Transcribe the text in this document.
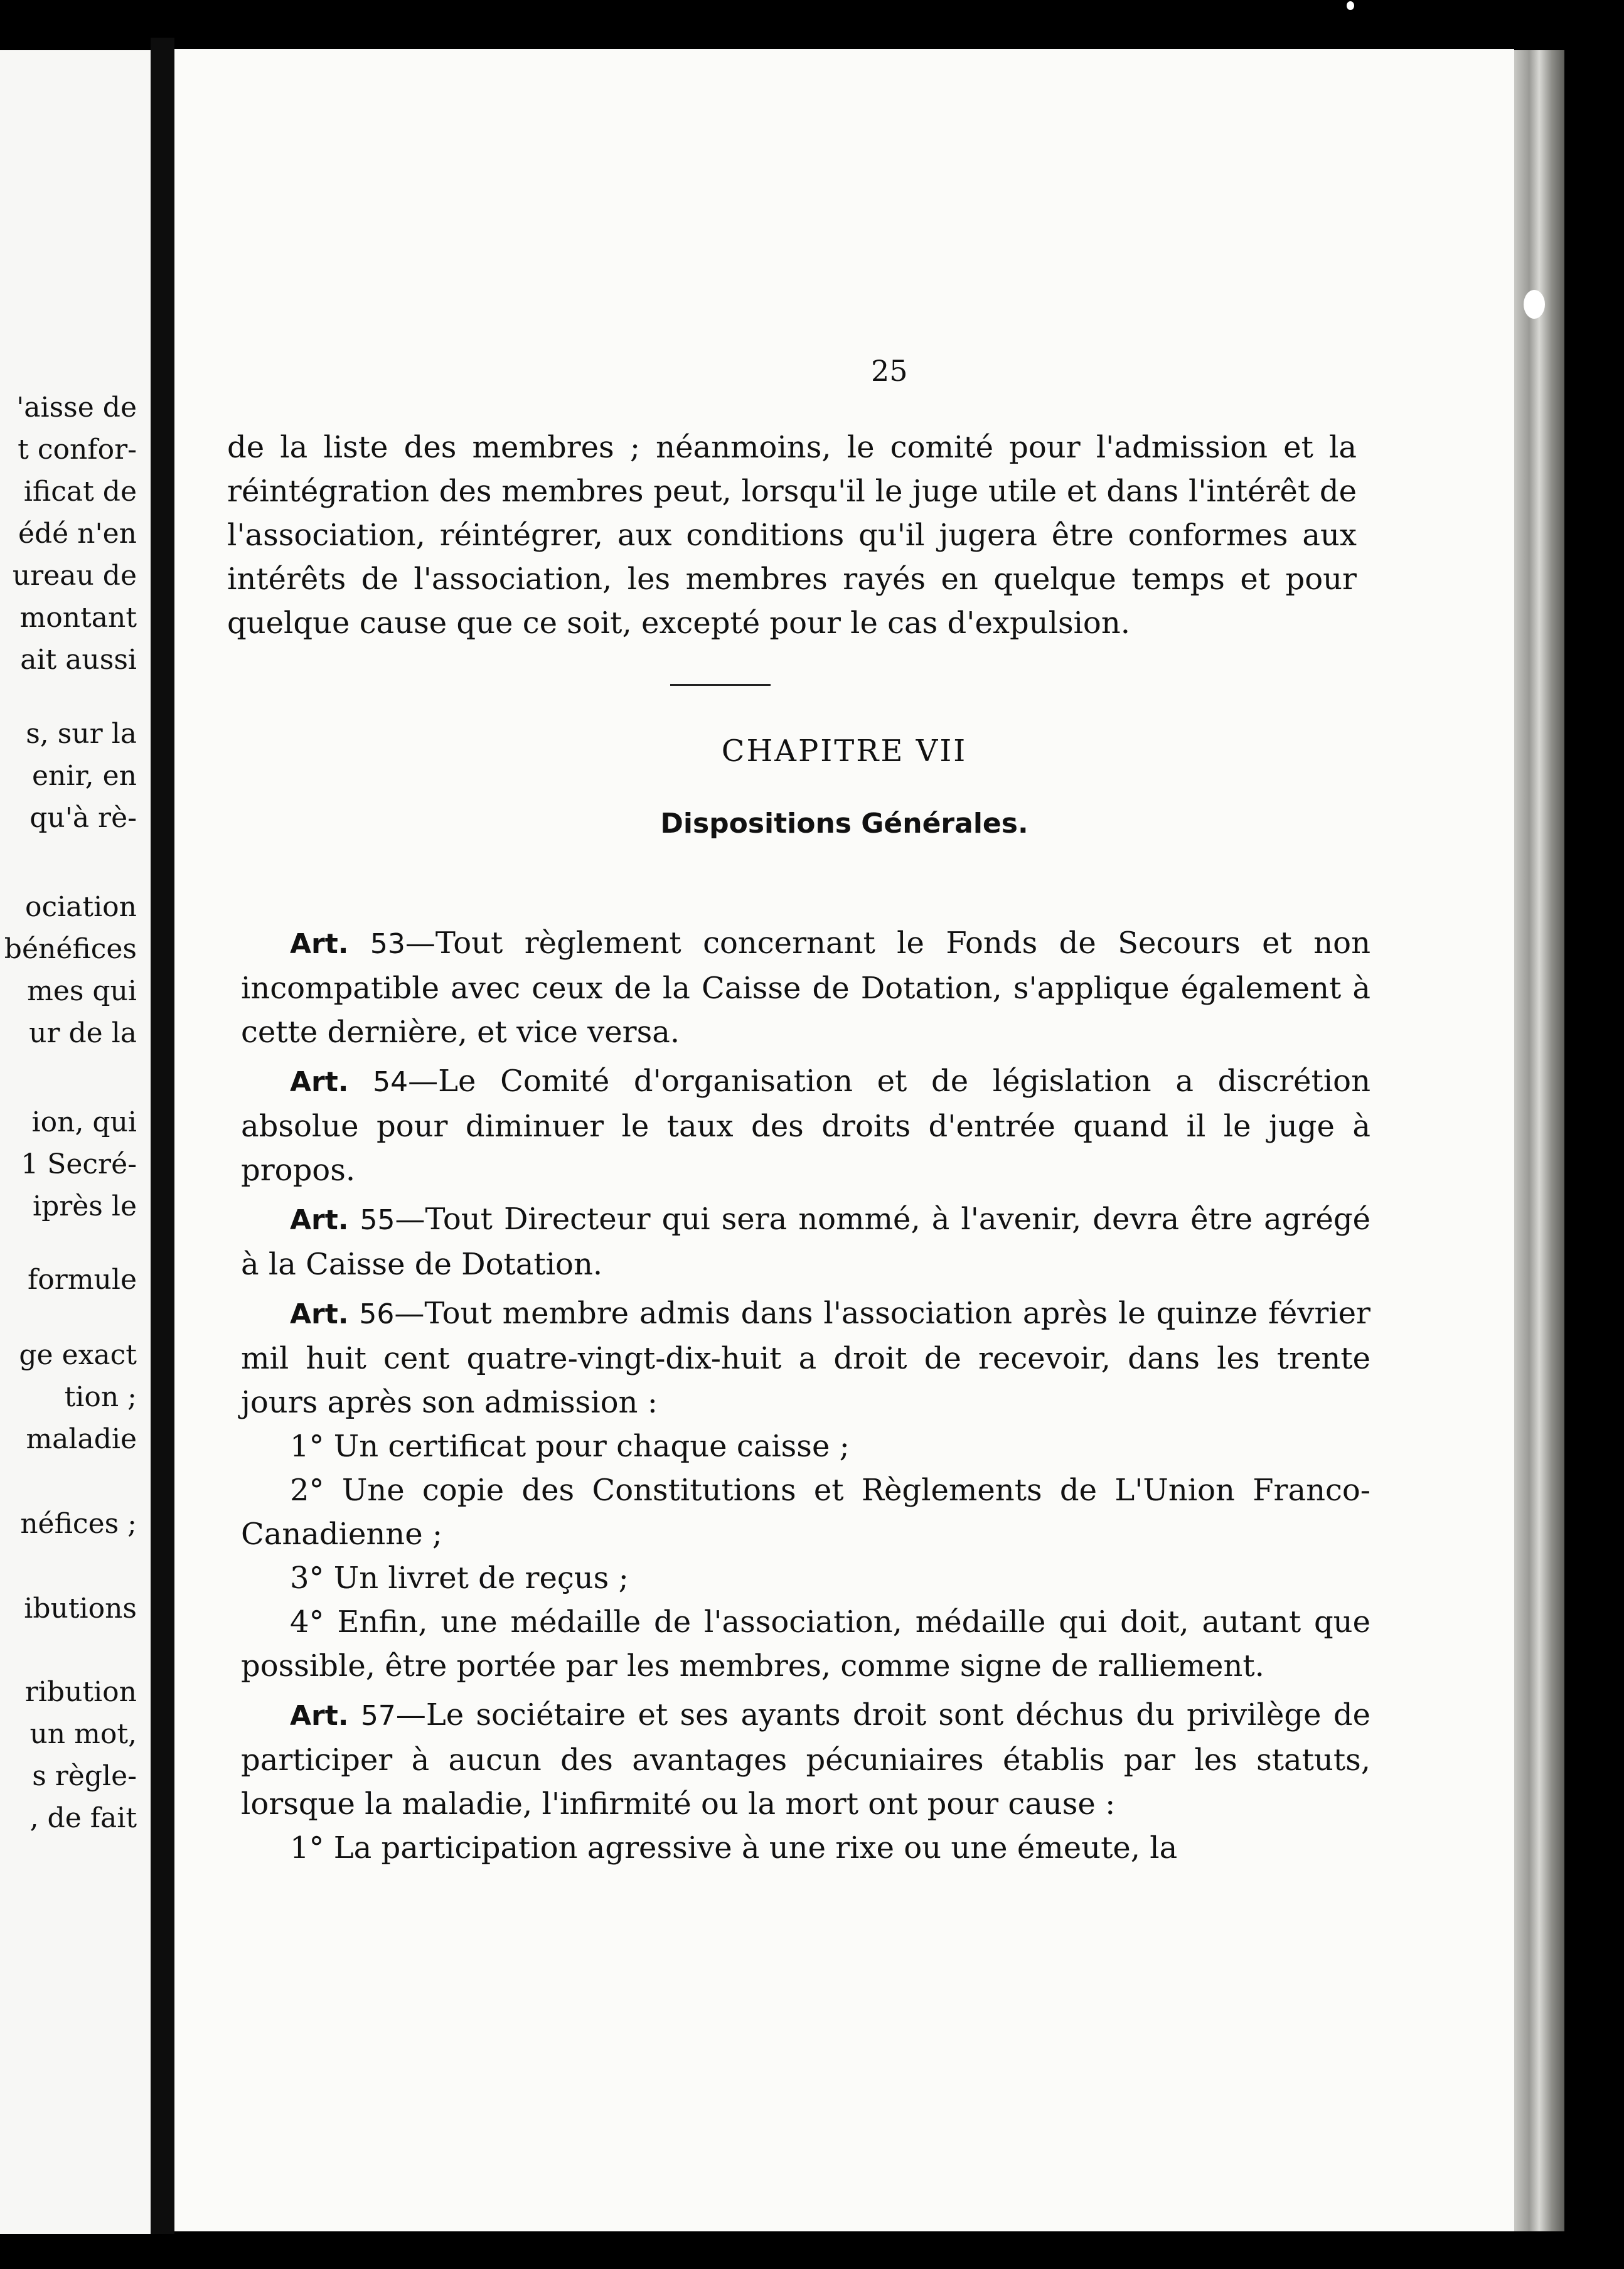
'aisse de
t confor-
ificat de
édé n'en
ureau de
montant
ait aussi
s, sur la
enir, en
qu'à rè-
ociation
bénéfices
mes qui
ur de la
ion, qui
1 Secré-
iprès le
formule
ge exact
tion ;
maladie
néfices ;
ibutions
ribution
un mot,
s règle-
, de fait
25

de la liste des membres ; néanmoins, le comité pour l'admission et la réintégration des membres peut, lorsqu'il le juge utile et dans l'intérêt de l'association, réintégrer, aux conditions qu'il jugera être conformes aux intérêts de l'association, les membres rayés en quelque temps et pour quelque cause que ce soit, excepté pour le cas d'expulsion.

CHAPITRE VII
Dispositions Générales.

Art. 53—Tout règlement concernant le Fonds de Secours et non incompatible avec ceux de la Caisse de Dotation, s'applique également à cette dernière, et vice versa.

Art. 54—Le Comité d'organisation et de législation a discrétion absolue pour diminuer le taux des droits d'entrée quand il le juge à propos.

Art. 55—Tout Directeur qui sera nommé, à l'avenir, devra être agrégé à la Caisse de Dotation.

Art. 56—Tout membre admis dans l'association après le quinze février mil huit cent quatre-vingt-dix-huit a droit de recevoir, dans les trente jours après son admission :

1° Un certificat pour chaque caisse ;

2° Une copie des Constitutions et Règlements de L'Union Franco-Canadienne ;

3° Un livret de reçus ;

4° Enfin, une médaille de l'association, médaille qui doit, autant que possible, être portée par les membres, comme signe de ralliement.

Art. 57—Le sociétaire et ses ayants droit sont déchus du privilège de participer à aucun des avantages pécuniaires établis par les statuts, lorsque la maladie, l'infirmité ou la mort ont pour cause :

1° La participation agressive à une rixe ou une émeute, la
